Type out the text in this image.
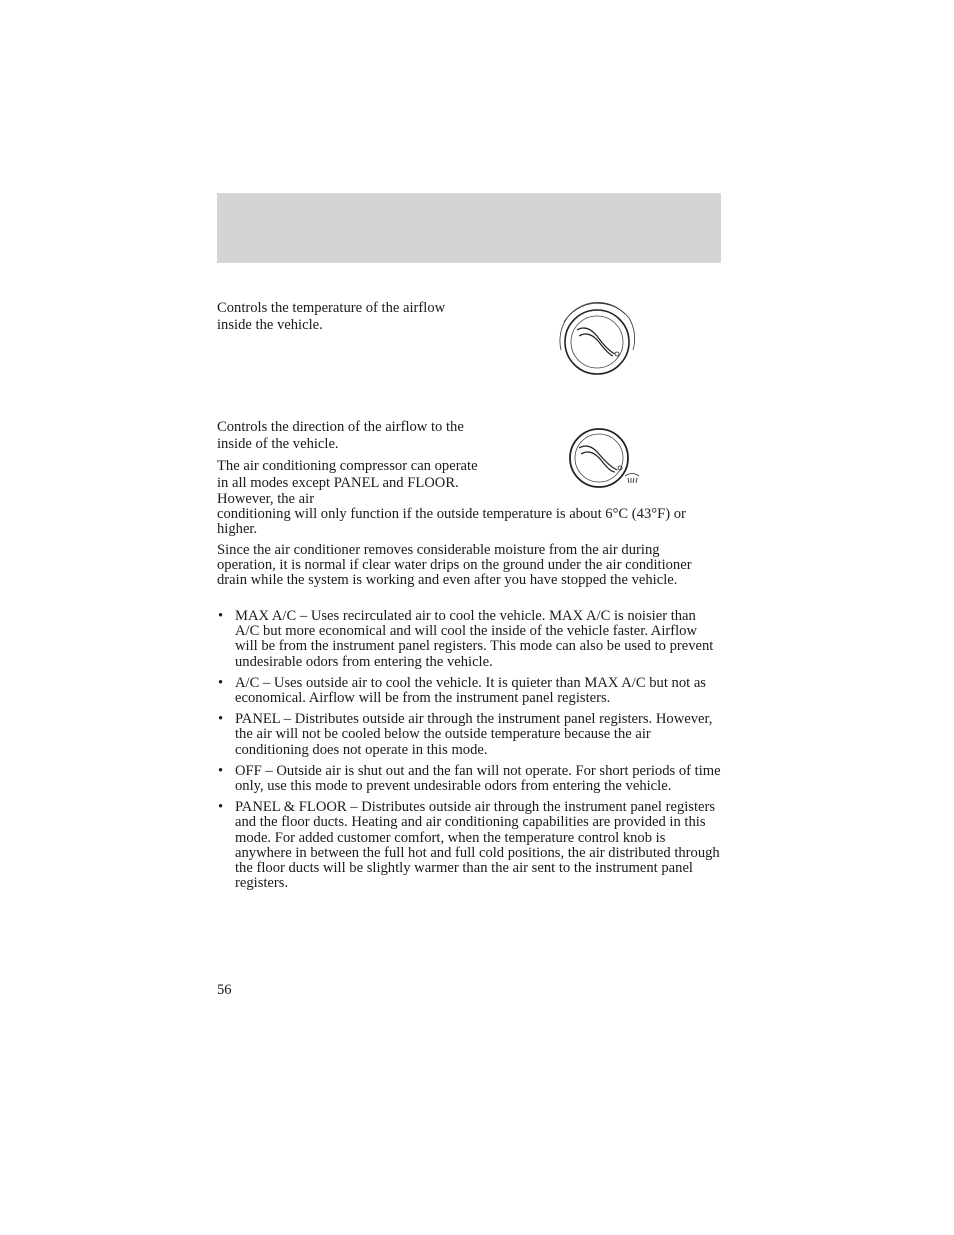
Controls the temperature of the airflow inside the vehicle.

Controls the direction of the airflow to the inside of the vehicle.

The air conditioning compressor can operate in all modes except PANEL and FLOOR. However, the air

conditioning will only function if the outside temperature is about 6°C (43°F) or higher.

Since the air conditioner removes considerable moisture from the air during operation, it is normal if clear water drips on the ground under the air conditioner drain while the system is working and even after you have stopped the vehicle.

• MAX A/C – Uses recirculated air to cool the vehicle. MAX A/C is noisier than A/C but more economical and will cool the inside of the vehicle faster. Airflow will be from the instrument panel registers. This mode can also be used to prevent undesirable odors from entering the vehicle.
• A/C – Uses outside air to cool the vehicle. It is quieter than MAX A/C but not as economical. Airflow will be from the instrument panel registers.
• PANEL – Distributes outside air through the instrument panel registers. However, the air will not be cooled below the outside temperature because the air conditioning does not operate in this mode.
• OFF – Outside air is shut out and the fan will not operate. For short periods of time only, use this mode to prevent undesirable odors from entering the vehicle.
• PANEL & FLOOR – Distributes outside air through the instrument panel registers and the floor ducts. Heating and air conditioning capabilities are provided in this mode. For added customer comfort, when the temperature control knob is anywhere in between the full hot and full cold positions, the air distributed through the floor ducts will be slightly warmer than the air sent to the instrument panel registers.
56
